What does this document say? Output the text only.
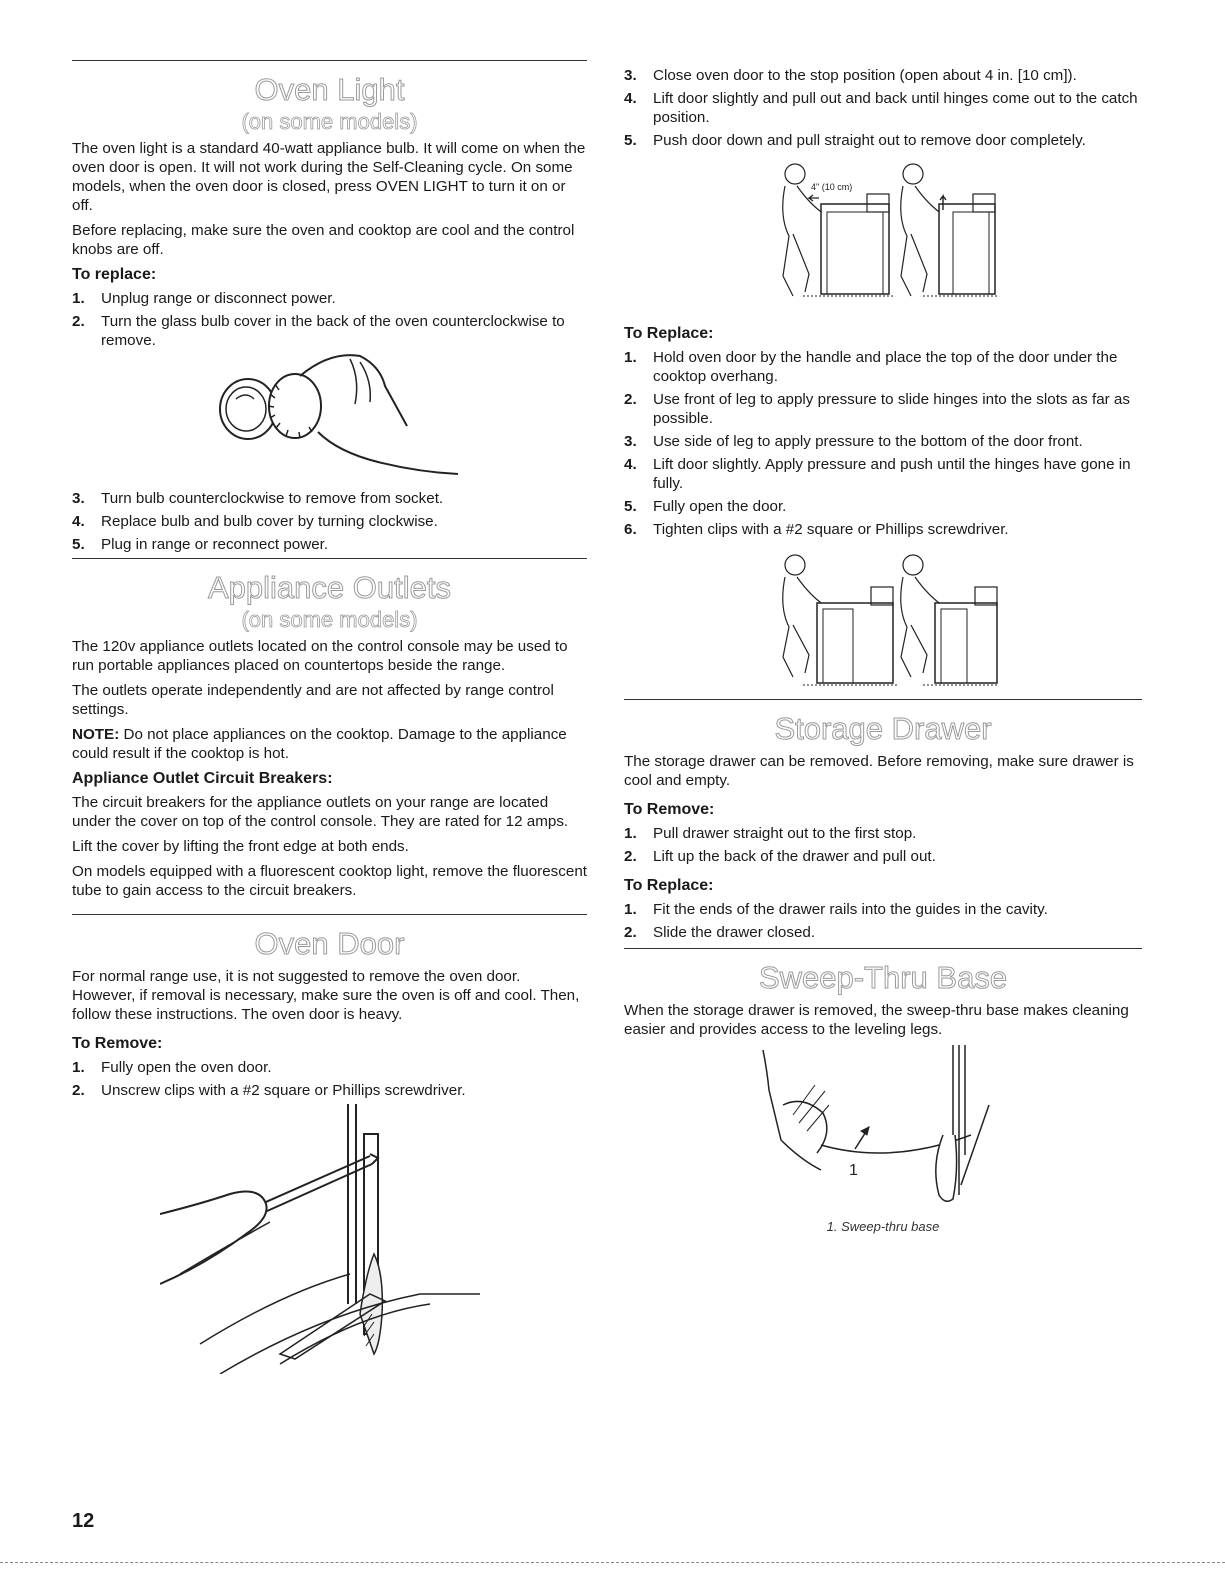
Oven Light
(on some models)

The oven light is a standard 40-watt appliance bulb. It will come on when the oven door is open. It will not work during the Self-Cleaning cycle. On some models, when the oven door is closed, press OVEN LIGHT to turn it on or off.

Before replacing, make sure the oven and cooktop are cool and the control knobs are off.

To replace:
1.	Unplug range or disconnect power.
2.	Turn the glass bulb cover in the back of the oven counterclockwise to remove.
3.	Turn bulb counterclockwise to remove from socket.
4.	Replace bulb and bulb cover by turning clockwise.
5.	Plug in range or reconnect power.
Appliance Outlets
(on some models)

The 120v appliance outlets located on the control console may be used to run portable appliances placed on countertops beside the range.

The outlets operate independently and are not affected by range control settings.

NOTE: Do not place appliances on the cooktop. Damage to the appliance could result if the cooktop is hot.

Appliance Outlet Circuit Breakers:

The circuit breakers for the appliance outlets on your range are located under the cover on top of the control console. They are rated for 12 amps.

Lift the cover by lifting the front edge at both ends.

On models equipped with a fluorescent cooktop light, remove the fluorescent tube to gain access to the circuit breakers.

Oven Door

For normal range use, it is not suggested to remove the oven door. However, if removal is necessary, make sure the oven is off and cool. Then, follow these instructions. The oven door is heavy.

To Remove:
1.	Fully open the oven door.
2.	Unscrew clips with a #2 square or Phillips screwdriver.
3.	Close oven door to the stop position (open about 4 in. [10 cm]).
4.	Lift door slightly and pull out and back until hinges come out to the catch position.
5.	Push door down and pull straight out to remove door completely.
4" (10 cm)
To Replace:
1.	Hold oven door by the handle and place the top of the door under the cooktop overhang.
2.	Use front of leg to apply pressure to slide hinges into the slots as far as possible.
3.	Use side of leg to apply pressure to the bottom of the door front.
4.	Lift door slightly. Apply pressure and push until the hinges have gone in fully.
5.	Fully open the door.
6.	Tighten clips with a #2 square or Phillips screwdriver.
Storage Drawer

The storage drawer can be removed. Before removing, make sure drawer is cool and empty.

To Remove:
1.	Pull drawer straight out to the first stop.
2.	Lift up the back of the drawer and pull out.
To Replace:
1.	Fit the ends of the drawer rails into the guides in the cavity.
2.	Slide the drawer closed.
Sweep-Thru Base

When the storage drawer is removed, the sweep-thru base makes cleaning easier and provides access to the leveling legs.

1
1. Sweep-thru base
12
